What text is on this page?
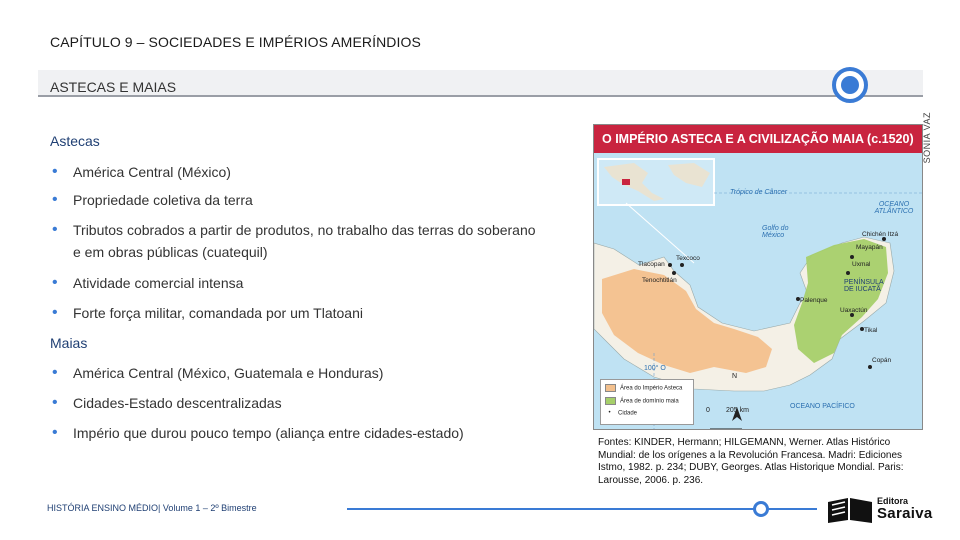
CAPÍTULO 9 – SOCIEDADES E IMPÉRIOS AMERÍNDIOS
ASTECAS E MAIAS
SONIA VAZ
Astecas
•	América Central (México)
•	Propriedade coletiva da terra
•	Tributos cobrados a partir de produtos, no trabalho das terras do soberano e em obras públicas (cuatequil)
•	Atividade comercial intensa
•	Forte força militar, comandada por um Tlatoani
Maias
•	América Central (México, Guatemala e Honduras)
•	Cidades-Estado descentralizadas
•	Império que durou pouco tempo (aliança entre cidades-estado)
O IMPÉRIO ASTECA E A CIVILIZAÇÃO MAIA (c.1520)
Trópico de Câncer
OCEANO ATLÂNTICO
Golfo do México
PENÍNSULA DE IUCATÃ
OCEANO PACÍFICO
100° O
N
0 205 km
Chichén Itzá
Mayapán
Uxmal
Tlacopan
Texcoco
Tenochtitlán
Palenque
Uaxactún
Tikal
Copán
Área do Império Asteca
Área de domínio maia
• Cidade
Fontes: KINDER, Hermann; HILGEMANN, Werner. Atlas Histórico Mundial: de los orígenes a la Revolución Francesa. Madri: Ediciones Istmo, 1982. p. 234; DUBY, Georges. Atlas Historique Mondial. Paris: Larousse, 2006. p. 236.
HISTÓRIA ENSINO MÉDIO| Volume 1 – 2º Bimestre
Editora
Saraiva
